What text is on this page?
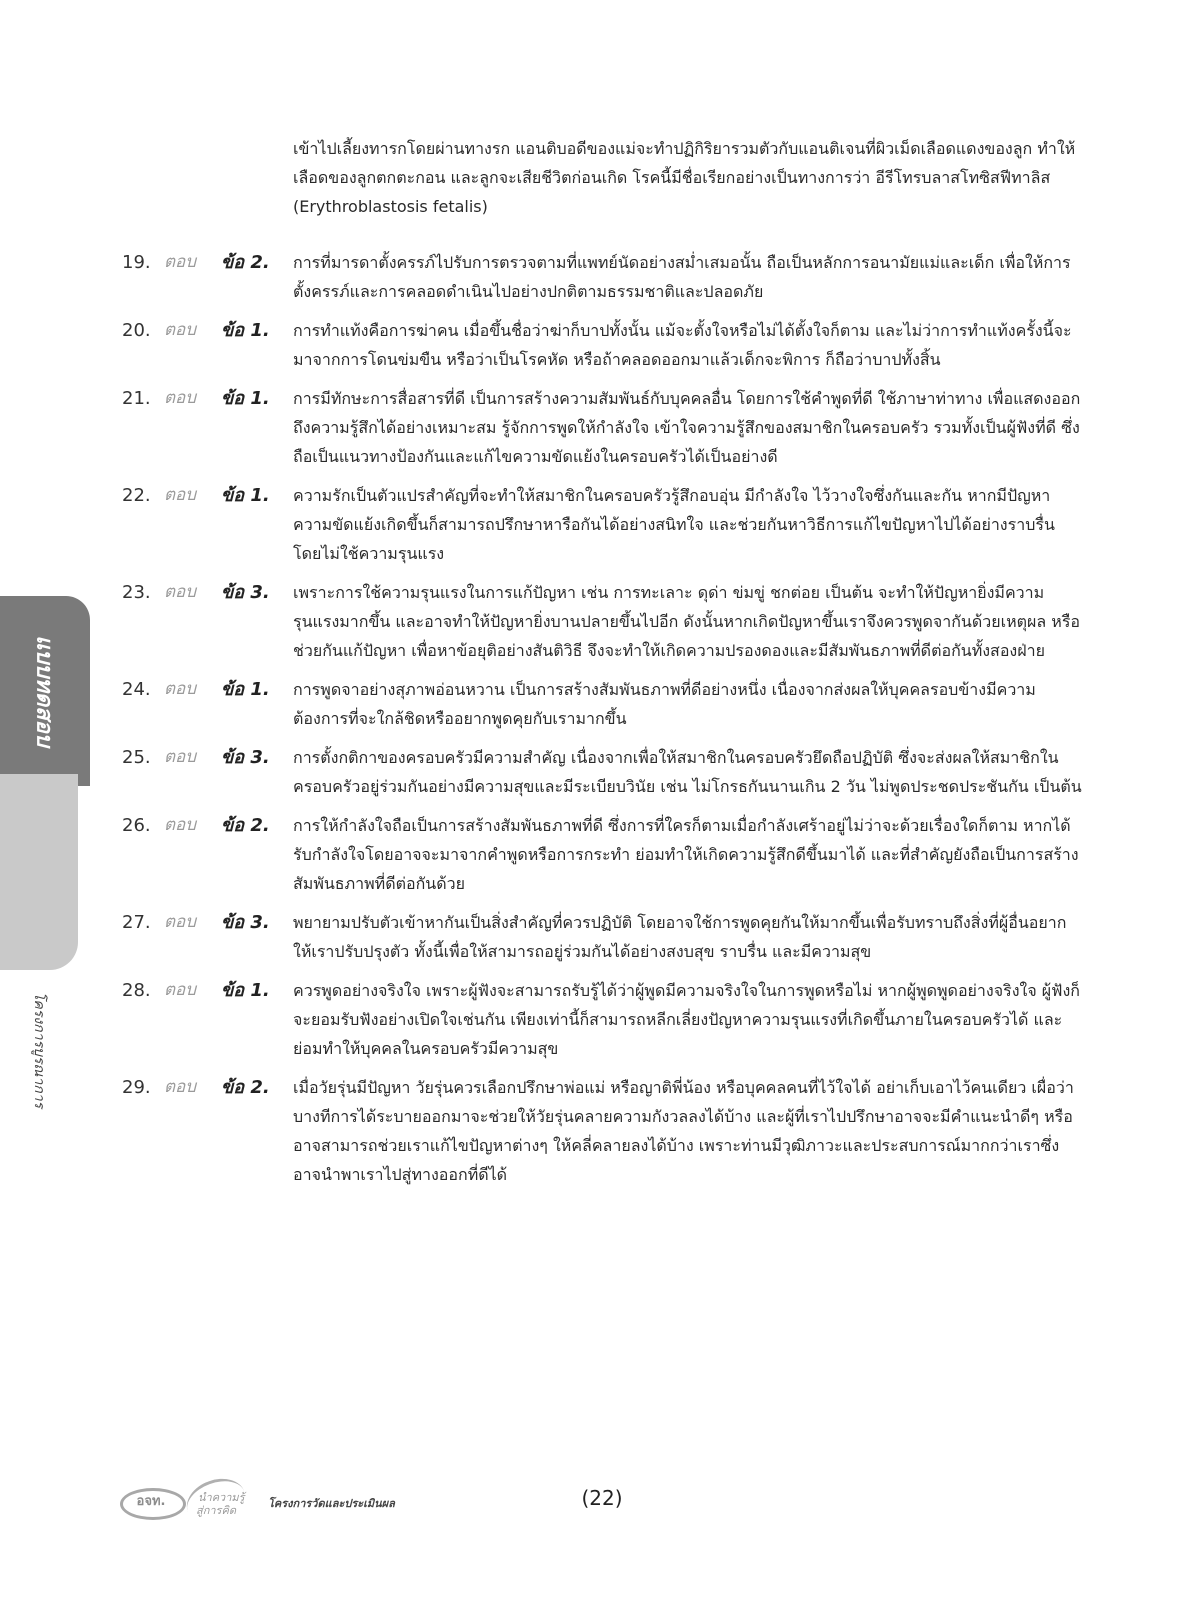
เข้าไปเลี้ยงทารกโดยผ่านทางรก แอนติบอดีของแม่จะทำปฏิกิริยารวมตัวกับแอนติเจนที่ผิวเม็ดเลือดแดงของลูก ทำให้เลือดของลูกตกตะกอน และลูกจะเสียชีวิตก่อนเกิด โรคนี้มีชื่อเรียกอย่างเป็นทางการว่า อีรีโทรบลาสโทซิสฟีทาลิส (Erythroblastosis fetalis)

19. ตอบ ข้อ 2. การที่มารดาตั้งครรภ์ไปรับการตรวจตามที่แพทย์นัดอย่างสม่ำเสมอนั้น ถือเป็นหลักการอนามัยแม่และเด็ก เพื่อให้การตั้งครรภ์และการคลอดดำเนินไปอย่างปกติตามธรรมชาติและปลอดภัย

20. ตอบ ข้อ 1. การทำแท้งคือการฆ่าคน เมื่อขึ้นชื่อว่าฆ่าก็บาปทั้งนั้น แม้จะตั้งใจหรือไม่ได้ตั้งใจก็ตาม และไม่ว่าการทำแท้งครั้งนี้จะมาจากการโดนข่มขืน หรือว่าเป็นโรคหัด หรือถ้าคลอดออกมาแล้วเด็กจะพิการ ก็ถือว่าบาปทั้งสิ้น

21. ตอบ ข้อ 1. การมีทักษะการสื่อสารที่ดี เป็นการสร้างความสัมพันธ์กับบุคคลอื่น โดยการใช้คำพูดที่ดี ใช้ภาษาท่าทาง เพื่อแสดงออกถึงความรู้สึกได้อย่างเหมาะสม รู้จักการพูดให้กำลังใจ เข้าใจความรู้สึกของสมาชิกในครอบครัว รวมทั้งเป็นผู้ฟังที่ดี ซึ่งถือเป็นแนวทางป้องกันและแก้ไขความขัดแย้งในครอบครัวได้เป็นอย่างดี

22. ตอบ ข้อ 1. ความรักเป็นตัวแปรสำคัญที่จะทำให้สมาชิกในครอบครัวรู้สึกอบอุ่น มีกำลังใจ ไว้วางใจซึ่งกันและกัน หากมีปัญหาความขัดแย้งเกิดขึ้นก็สามารถปรึกษาหารือกันได้อย่างสนิทใจ และช่วยกันหาวิธีการแก้ไขปัญหาไปได้อย่างราบรื่นโดยไม่ใช้ความรุนแรง

23. ตอบ ข้อ 3. เพราะการใช้ความรุนแรงในการแก้ปัญหา เช่น การทะเลาะ ดุด่า ข่มขู่ ชกต่อย เป็นต้น จะทำให้ปัญหายิ่งมีความรุนแรงมากขึ้น และอาจทำให้ปัญหายิ่งบานปลายขึ้นไปอีก ดังนั้นหากเกิดปัญหาขึ้นเราจึงควรพูดจากันด้วยเหตุผล หรือช่วยกันแก้ปัญหา เพื่อหาข้อยุติอย่างสันติวิธี จึงจะทำให้เกิดความปรองดองและมีสัมพันธภาพที่ดีต่อกันทั้งสองฝ่าย

24. ตอบ ข้อ 1. การพูดจาอย่างสุภาพอ่อนหวาน เป็นการสร้างสัมพันธภาพที่ดีอย่างหนึ่ง เนื่องจากส่งผลให้บุคคลรอบข้างมีความต้องการที่จะใกล้ชิดหรืออยากพูดคุยกับเรามากขึ้น

25. ตอบ ข้อ 3. การตั้งกติกาของครอบครัวมีความสำคัญ เนื่องจากเพื่อให้สมาชิกในครอบครัวยึดถือปฏิบัติ ซึ่งจะส่งผลให้สมาชิกในครอบครัวอยู่ร่วมกันอย่างมีความสุขและมีระเบียบวินัย เช่น ไม่โกรธกันนานเกิน 2 วัน ไม่พูดประชดประชันกัน เป็นต้น

26. ตอบ ข้อ 2. การให้กำลังใจถือเป็นการสร้างสัมพันธภาพที่ดี ซึ่งการที่ใครก็ตามเมื่อกำลังเศร้าอยู่ไม่ว่าจะด้วยเรื่องใดก็ตาม หากได้รับกำลังใจโดยอาจจะมาจากคำพูดหรือการกระทำ ย่อมทำให้เกิดความรู้สึกดีขึ้นมาได้ และที่สำคัญยังถือเป็นการสร้างสัมพันธภาพที่ดีต่อกันด้วย

27. ตอบ ข้อ 3. พยายามปรับตัวเข้าหากันเป็นสิ่งสำคัญที่ควรปฏิบัติ โดยอาจใช้การพูดคุยกันให้มากขึ้นเพื่อรับทราบถึงสิ่งที่ผู้อื่นอยากให้เราปรับปรุงตัว ทั้งนี้เพื่อให้สามารถอยู่ร่วมกันได้อย่างสงบสุข ราบรื่น และมีความสุข

28. ตอบ ข้อ 1. ควรพูดอย่างจริงใจ เพราะผู้ฟังจะสามารถรับรู้ได้ว่าผู้พูดมีความจริงใจในการพูดหรือไม่ หากผู้พูดพูดอย่างจริงใจ ผู้ฟังก็จะยอมรับฟังอย่างเปิดใจเช่นกัน เพียงเท่านี้ก็สามารถหลีกเลี่ยงปัญหาความรุนแรงที่เกิดขึ้นภายในครอบครัวได้ และย่อมทำให้บุคคลในครอบครัวมีความสุข

29. ตอบ ข้อ 2. เมื่อวัยรุ่นมีปัญหา วัยรุ่นควรเลือกปรึกษาพ่อแม่ หรือญาติพี่น้อง หรือบุคคลคนที่ไว้ใจได้ อย่าเก็บเอาไว้คนเดียว เผื่อว่าบางทีการได้ระบายออกมาจะช่วยให้วัยรุ่นคลายความกังวลลงได้บ้าง และผู้ที่เราไปปรึกษาอาจจะมีคำแนะนำดีๆ หรืออาจสามารถช่วยเราแก้ไขปัญหาต่างๆ ให้คลี่คลายลงได้บ้าง เพราะท่านมีวุฒิภาวะและประสบการณ์มากกว่าเราซึ่งอาจนำพาเราไปสู่ทางออกที่ดีได้

แบบทดสอบ
โครงการบูรณาการ
อจท.	นำความรู้
สู่การคิด
โครงการวัดและประเมินผล	(22)
